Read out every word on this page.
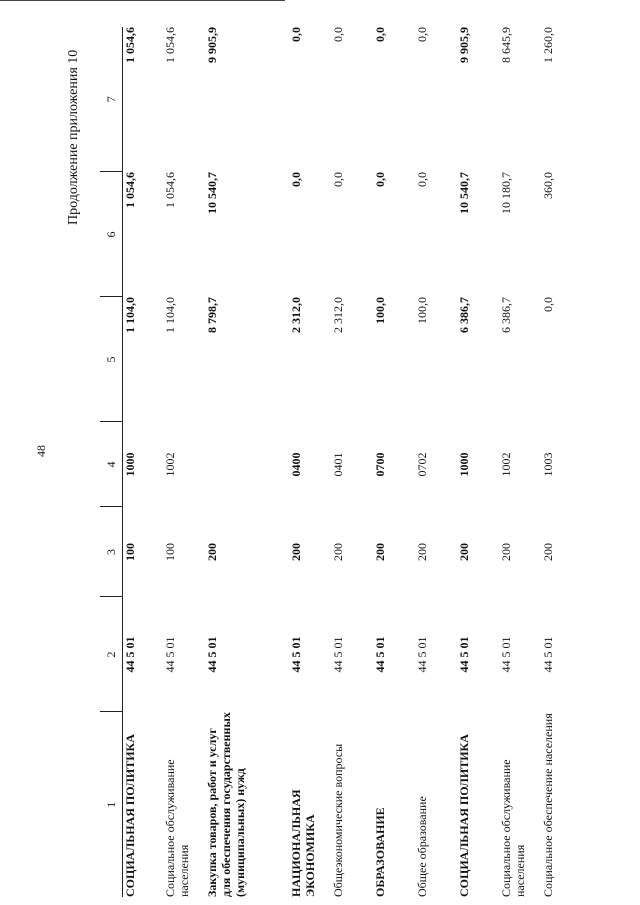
48
Продолжение приложения 10
1	2	3	4	5	6	7
СОЦИАЛЬНАЯ ПОЛИТИКА	44 5 01	100	1000	1 104,0	1 054,6	1 054,6
Социальное обслуживание населения	44 5 01	100	1002	1 104,0	1 054,6	1 054,6
Закупка товаров, работ и услуг для обеспечения государственных (муниципальных) нужд	44 5 01	200		8 798,7	10 540,7	9 905,9
НАЦИОНАЛЬНАЯ ЭКОНОМИКА	44 5 01	200	0400	2 312,0	0,0	0,0
Общеэкономические вопросы	44 5 01	200	0401	2 312,0	0,0	0,0
ОБРАЗОВАНИЕ	44 5 01	200	0700	100,0	0,0	0,0
Общее образование	44 5 01	200	0702	100,0	0,0	0,0
СОЦИАЛЬНАЯ ПОЛИТИКА	44 5 01	200	1000	6 386,7	10 540,7	9 905,9
Социальное обслуживание населения	44 5 01	200	1002	6 386,7	10 180,7	8 645,9
Социальное обеспечение населения	44 5 01	200	1003	0,0	360,0	1 260,0
